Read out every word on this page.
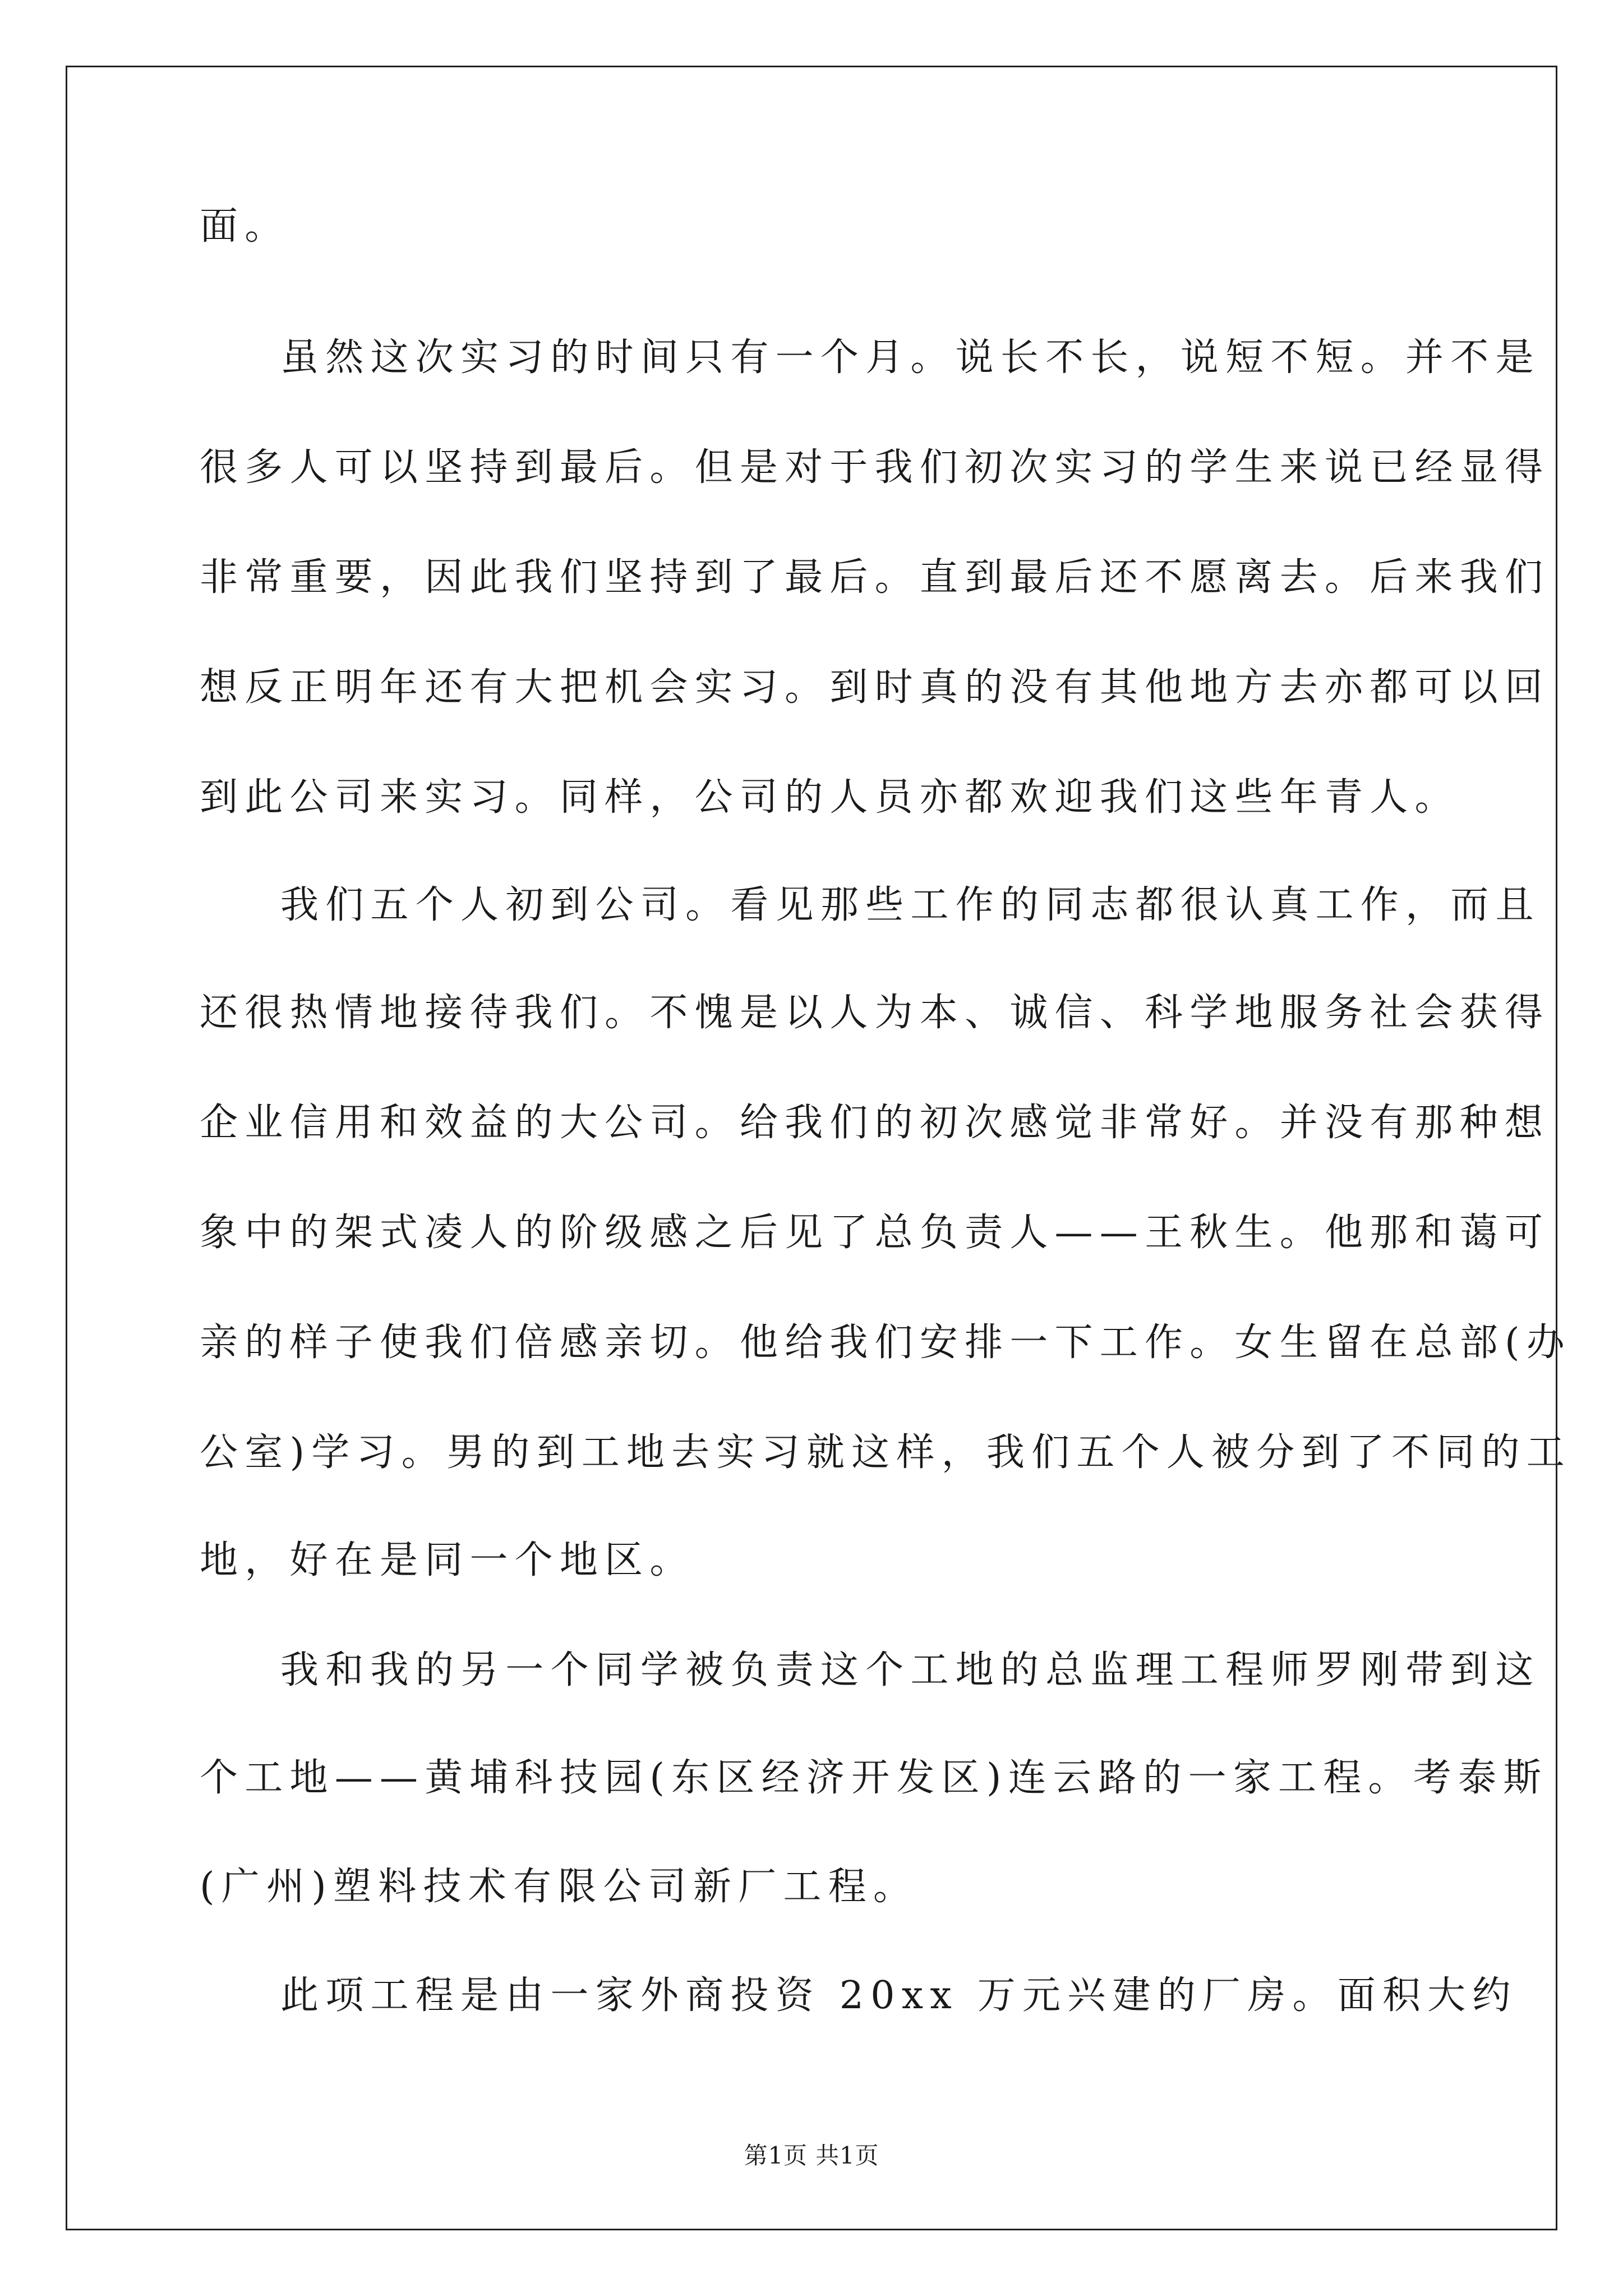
面。
虽然这次实习的时间只有一个月。说长不长，说短不短。并不是
很多人可以坚持到最后。但是对于我们初次实习的学生来说已经显得
非常重要，因此我们坚持到了最后。直到最后还不愿离去。后来我们
想反正明年还有大把机会实习。到时真的没有其他地方去亦都可以回
到此公司来实习。同样，公司的人员亦都欢迎我们这些年青人。
我们五个人初到公司。看见那些工作的同志都很认真工作，而且
还很热情地接待我们。不愧是以人为本、诚信、科学地服务社会获得
企业信用和效益的大公司。给我们的初次感觉非常好。并没有那种想
象中的架式凌人的阶级感之后见了总负责人——王秋生。他那和蔼可
亲的样子使我们倍感亲切。他给我们安排一下工作。女生留在总部(办
公室)学习。男的到工地去实习就这样，我们五个人被分到了不同的工
地，好在是同一个地区。
我和我的另一个同学被负责这个工地的总监理工程师罗刚带到这
个工地——黄埔科技园(东区经济开发区)连云路的一家工程。考泰斯
(广州)塑料技术有限公司新厂工程。
此项工程是由一家外商投资 20xx 万元兴建的厂房。面积大约
第1页 共1页
